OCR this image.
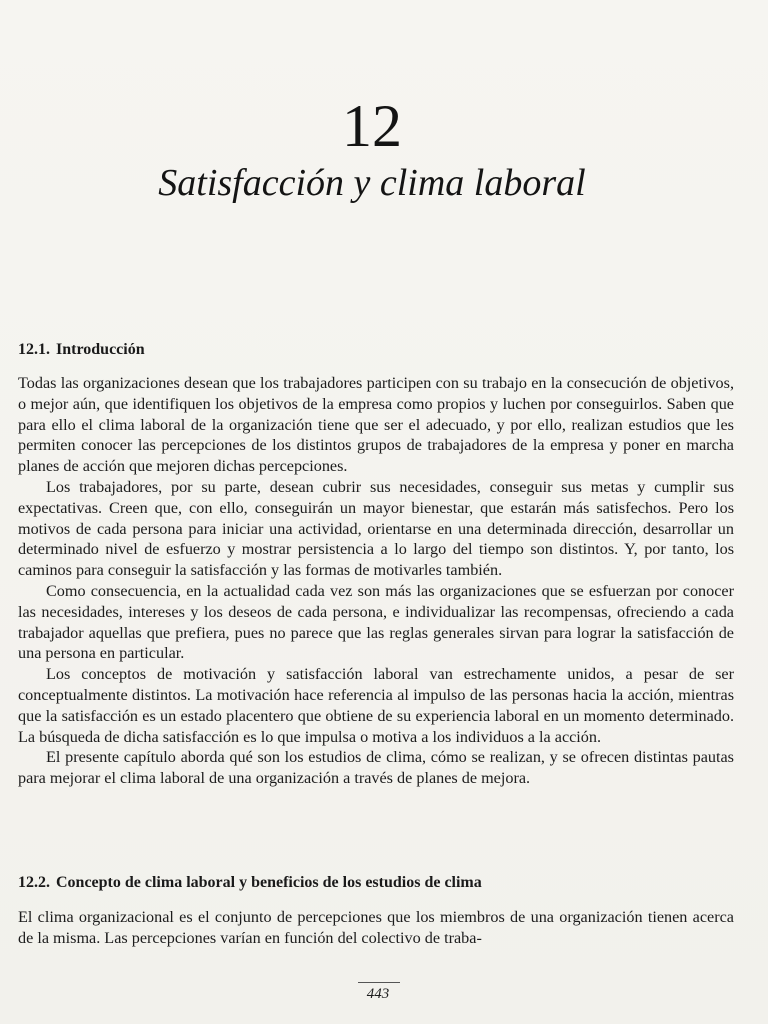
12
Satisfacción y clima laboral
12.1. Introducción

Todas las organizaciones desean que los trabajadores participen con su trabajo en la consecución de objetivos, o mejor aún, que identifiquen los objetivos de la empresa como propios y luchen por conseguirlos. Saben que para ello el clima laboral de la organización tiene que ser el adecuado, y por ello, realizan estudios que les permiten conocer las percepciones de los distintos grupos de trabajadores de la empresa y poner en marcha planes de acción que mejoren dichas percepciones.

Los trabajadores, por su parte, desean cubrir sus necesidades, conseguir sus metas y cumplir sus expectativas. Creen que, con ello, conseguirán un mayor bienestar, que estarán más satisfechos. Pero los motivos de cada persona para iniciar una actividad, orientarse en una determinada dirección, desarrollar un determinado nivel de esfuerzo y mostrar persistencia a lo largo del tiempo son distintos. Y, por tanto, los caminos para conseguir la satisfacción y las formas de motivarles también.

Como consecuencia, en la actualidad cada vez son más las organizaciones que se esfuerzan por conocer las necesidades, intereses y los deseos de cada persona, e individualizar las recompensas, ofreciendo a cada trabajador aquellas que prefiera, pues no parece que las reglas generales sirvan para lograr la satisfacción de una persona en particular.

Los conceptos de motivación y satisfacción laboral van estrechamente unidos, a pesar de ser conceptualmente distintos. La motivación hace referencia al impulso de las personas hacia la acción, mientras que la satisfacción es un estado placentero que obtiene de su experiencia laboral en un momento determinado. La búsqueda de dicha satisfacción es lo que impulsa o motiva a los individuos a la acción.

El presente capítulo aborda qué son los estudios de clima, cómo se realizan, y se ofrecen distintas pautas para mejorar el clima laboral de una organización a través de planes de mejora.

12.2. Concepto de clima laboral y beneficios de los estudios de clima

El clima organizacional es el conjunto de percepciones que los miembros de una organización tienen acerca de la misma. Las percepciones varían en función del colectivo de traba-

443
